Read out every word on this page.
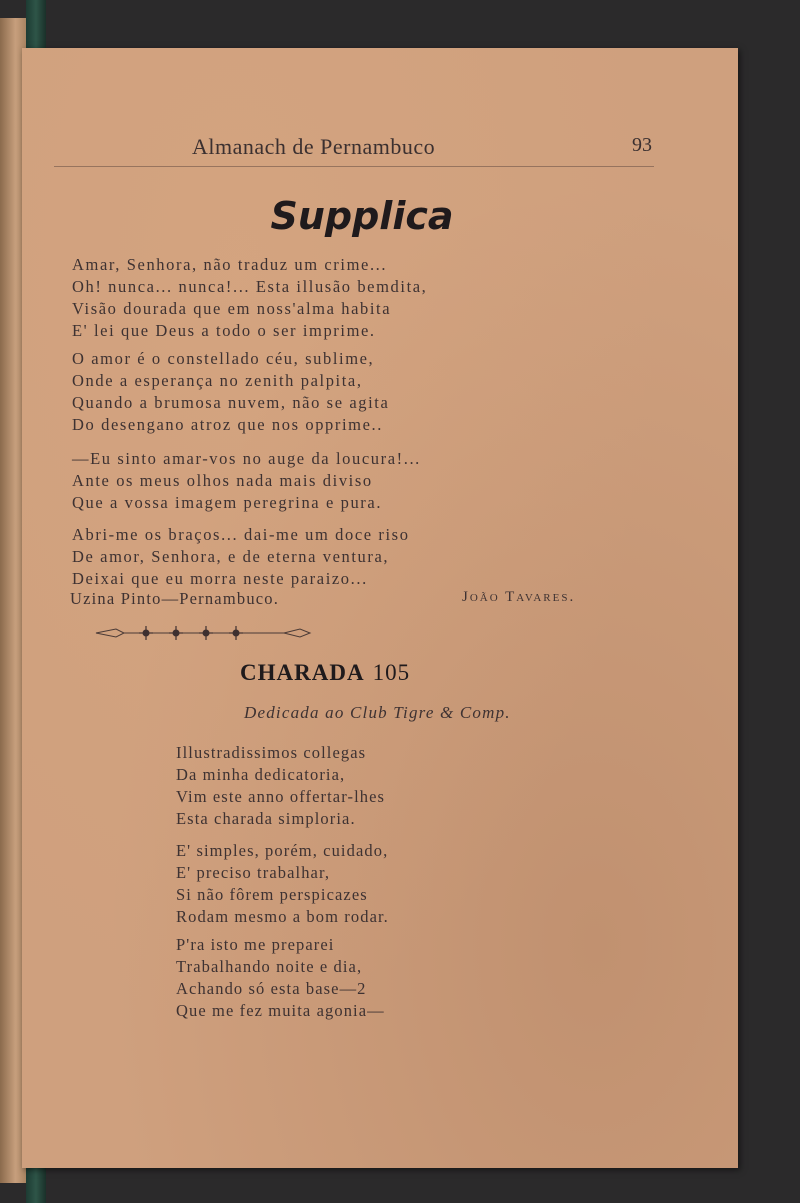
Almanach de Pernambuco	93
Supplica
Amar, Senhora, não traduz um crime...
Oh! nunca... nunca!... Esta illusão bemdita,
Visão dourada que em noss'alma habita
E' lei que Deus a todo o ser imprime.
O amor é o constellado céu, sublime,
Onde a esperança no zenith palpita,
Quando a brumosa nuvem, não se agita
Do desengano atroz que nos opprime..
—Eu sinto amar-vos no auge da loucura!...
Ante os meus olhos nada mais diviso
Que a vossa imagem peregrina e pura.
Abri-me os braços... dai-me um doce riso
De amor, Senhora, e de eterna ventura,
Deixai que eu morra neste paraizo...
Uzina Pinto—Pernambuco.	João Tavares.
CHARADA 105
Dedicada ao Club Tigre & Comp.
Illustradissimos collegas
Da minha dedicatoria,
Vim este anno offertar-lhes
Esta charada simploria.
E' simples, porém, cuidado,
E' preciso trabalhar,
Si não fôrem perspicazes
Rodam mesmo a bom rodar.
P'ra isto me preparei
Trabalhando noite e dia,
Achando só esta base—2
Que me fez muita agonia—
